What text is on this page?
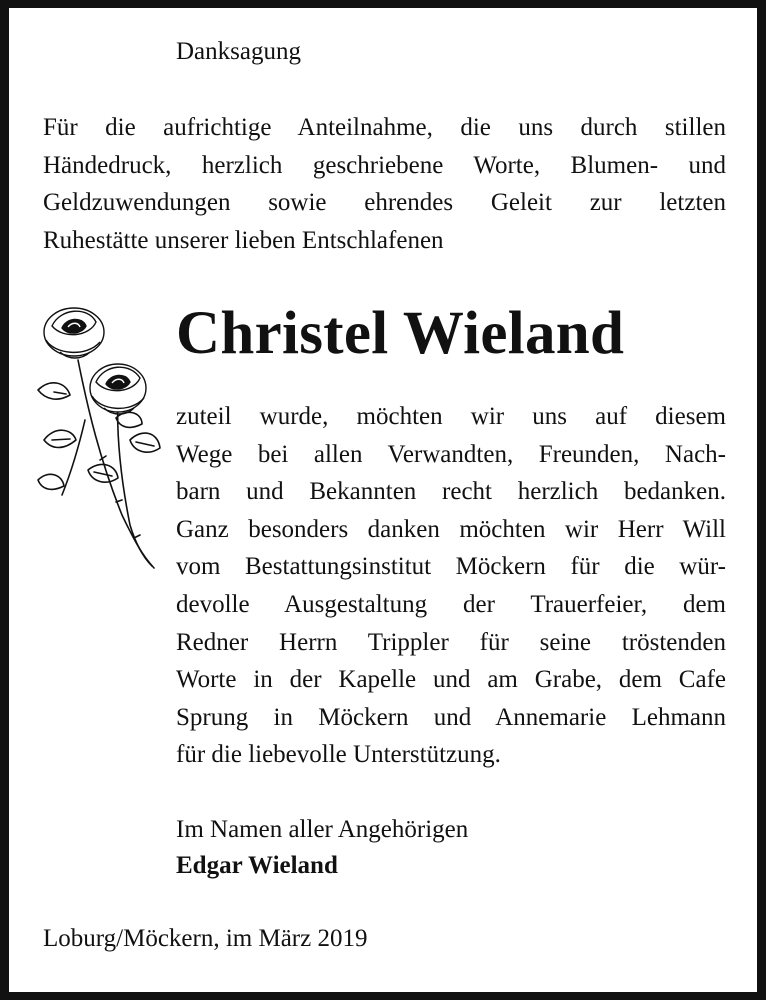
Danksagung

Für die aufrichtige Anteilnahme, die uns durch stillen
Händedruck, herzlich geschriebene Worte, Blumen- und
Geldzuwendungen sowie ehrendes Geleit zur letzten
Ruhestätte unserer lieben Entschlafenen
Christel Wieland
zuteil wurde, möchten wir uns auf diesem
Wege bei allen Verwandten, Freunden, Nach-
barn und Bekannten recht herzlich bedanken.
Ganz besonders danken möchten wir Herr Will
vom Bestattungsinstitut Möckern für die wür-
devolle Ausgestaltung der Trauerfeier, dem
Redner Herrn Trippler für seine tröstenden
Worte in der Kapelle und am Grabe, dem Cafe
Sprung in Möckern und Annemarie Lehmann
für die liebevolle Unterstützung.

Im Namen aller Angehörigen

Edgar Wieland

Loburg/Möckern, im März 2019
